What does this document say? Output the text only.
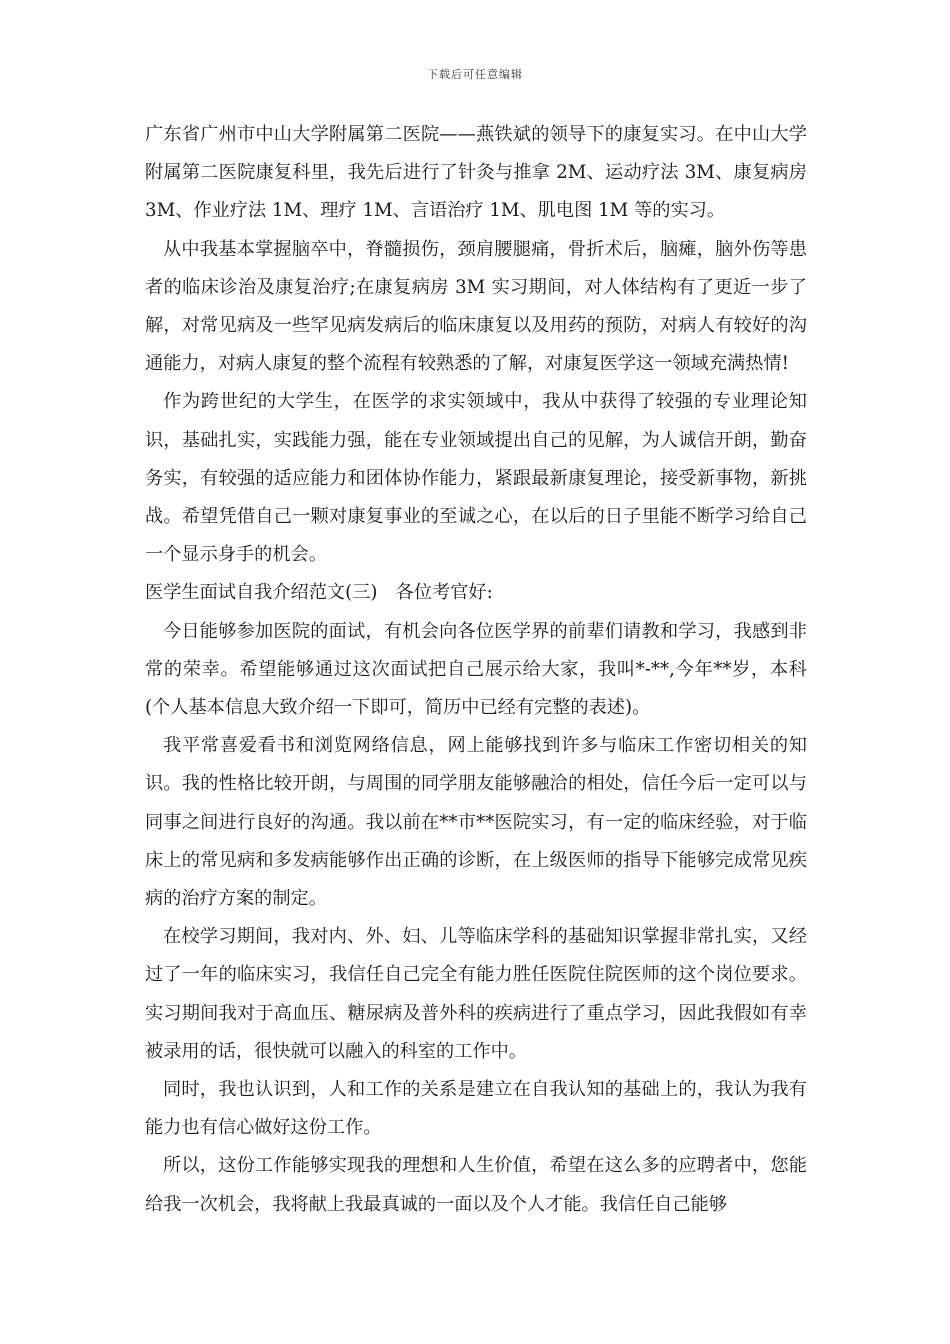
下载后可任意编辑

广东省广州市中山大学附属第二医院——燕铁斌的领导下的康复实习。在中山大学附属第二医院康复科里，我先后进行了针灸与推拿 2M、运动疗法 3M、康复病房 3M、作业疗法 1M、理疗 1M、言语治疗 1M、肌电图 1M 等的实习。

从中我基本掌握脑卒中，脊髓损伤，颈肩腰腿痛，骨折术后，脑瘫，脑外伤等患者的临床诊治及康复治疗;在康复病房 3M 实习期间，对人体结构有了更近一步了解，对常见病及一些罕见病发病后的临床康复以及用药的预防，对病人有较好的沟通能力，对病人康复的整个流程有较熟悉的了解，对康复医学这一领域充满热情!

作为跨世纪的大学生，在医学的求实领域中，我从中获得了较强的专业理论知识，基础扎实，实践能力强，能在专业领域提出自己的见解，为人诚信开朗，勤奋务实，有较强的适应能力和团体协作能力，紧跟最新康复理论，接受新事物，新挑战。希望凭借自己一颗对康复事业的至诚之心，在以后的日子里能不断学习给自己一个显示身手的机会。

医学生面试自我介绍范文(三)　各位考官好:

今日能够参加医院的面试，有机会向各位医学界的前辈们请教和学习，我感到非常的荣幸。希望能够通过这次面试把自己展示给大家，我叫*-**,今年**岁，本科(个人基本信息大致介绍一下即可，简历中已经有完整的表述)。

我平常喜爱看书和浏览网络信息，网上能够找到许多与临床工作密切相关的知识。我的性格比较开朗，与周围的同学朋友能够融洽的相处，信任今后一定可以与同事之间进行良好的沟通。我以前在**市**医院实习，有一定的临床经验，对于临床上的常见病和多发病能够作出正确的诊断，在上级医师的指导下能够完成常见疾病的治疗方案的制定。

在校学习期间，我对内、外、妇、儿等临床学科的基础知识掌握非常扎实，又经过了一年的临床实习，我信任自己完全有能力胜任医院住院医师的这个岗位要求。实习期间我对于高血压、糖尿病及普外科的疾病进行了重点学习，因此我假如有幸被录用的话，很快就可以融入的科室的工作中。

同时，我也认识到，人和工作的关系是建立在自我认知的基础上的，我认为我有能力也有信心做好这份工作。

所以，这份工作能够实现我的理想和人生价值，希望在这么多的应聘者中，您能给我一次机会，我将献上我最真诚的一面以及个人才能。我信任自己能够
